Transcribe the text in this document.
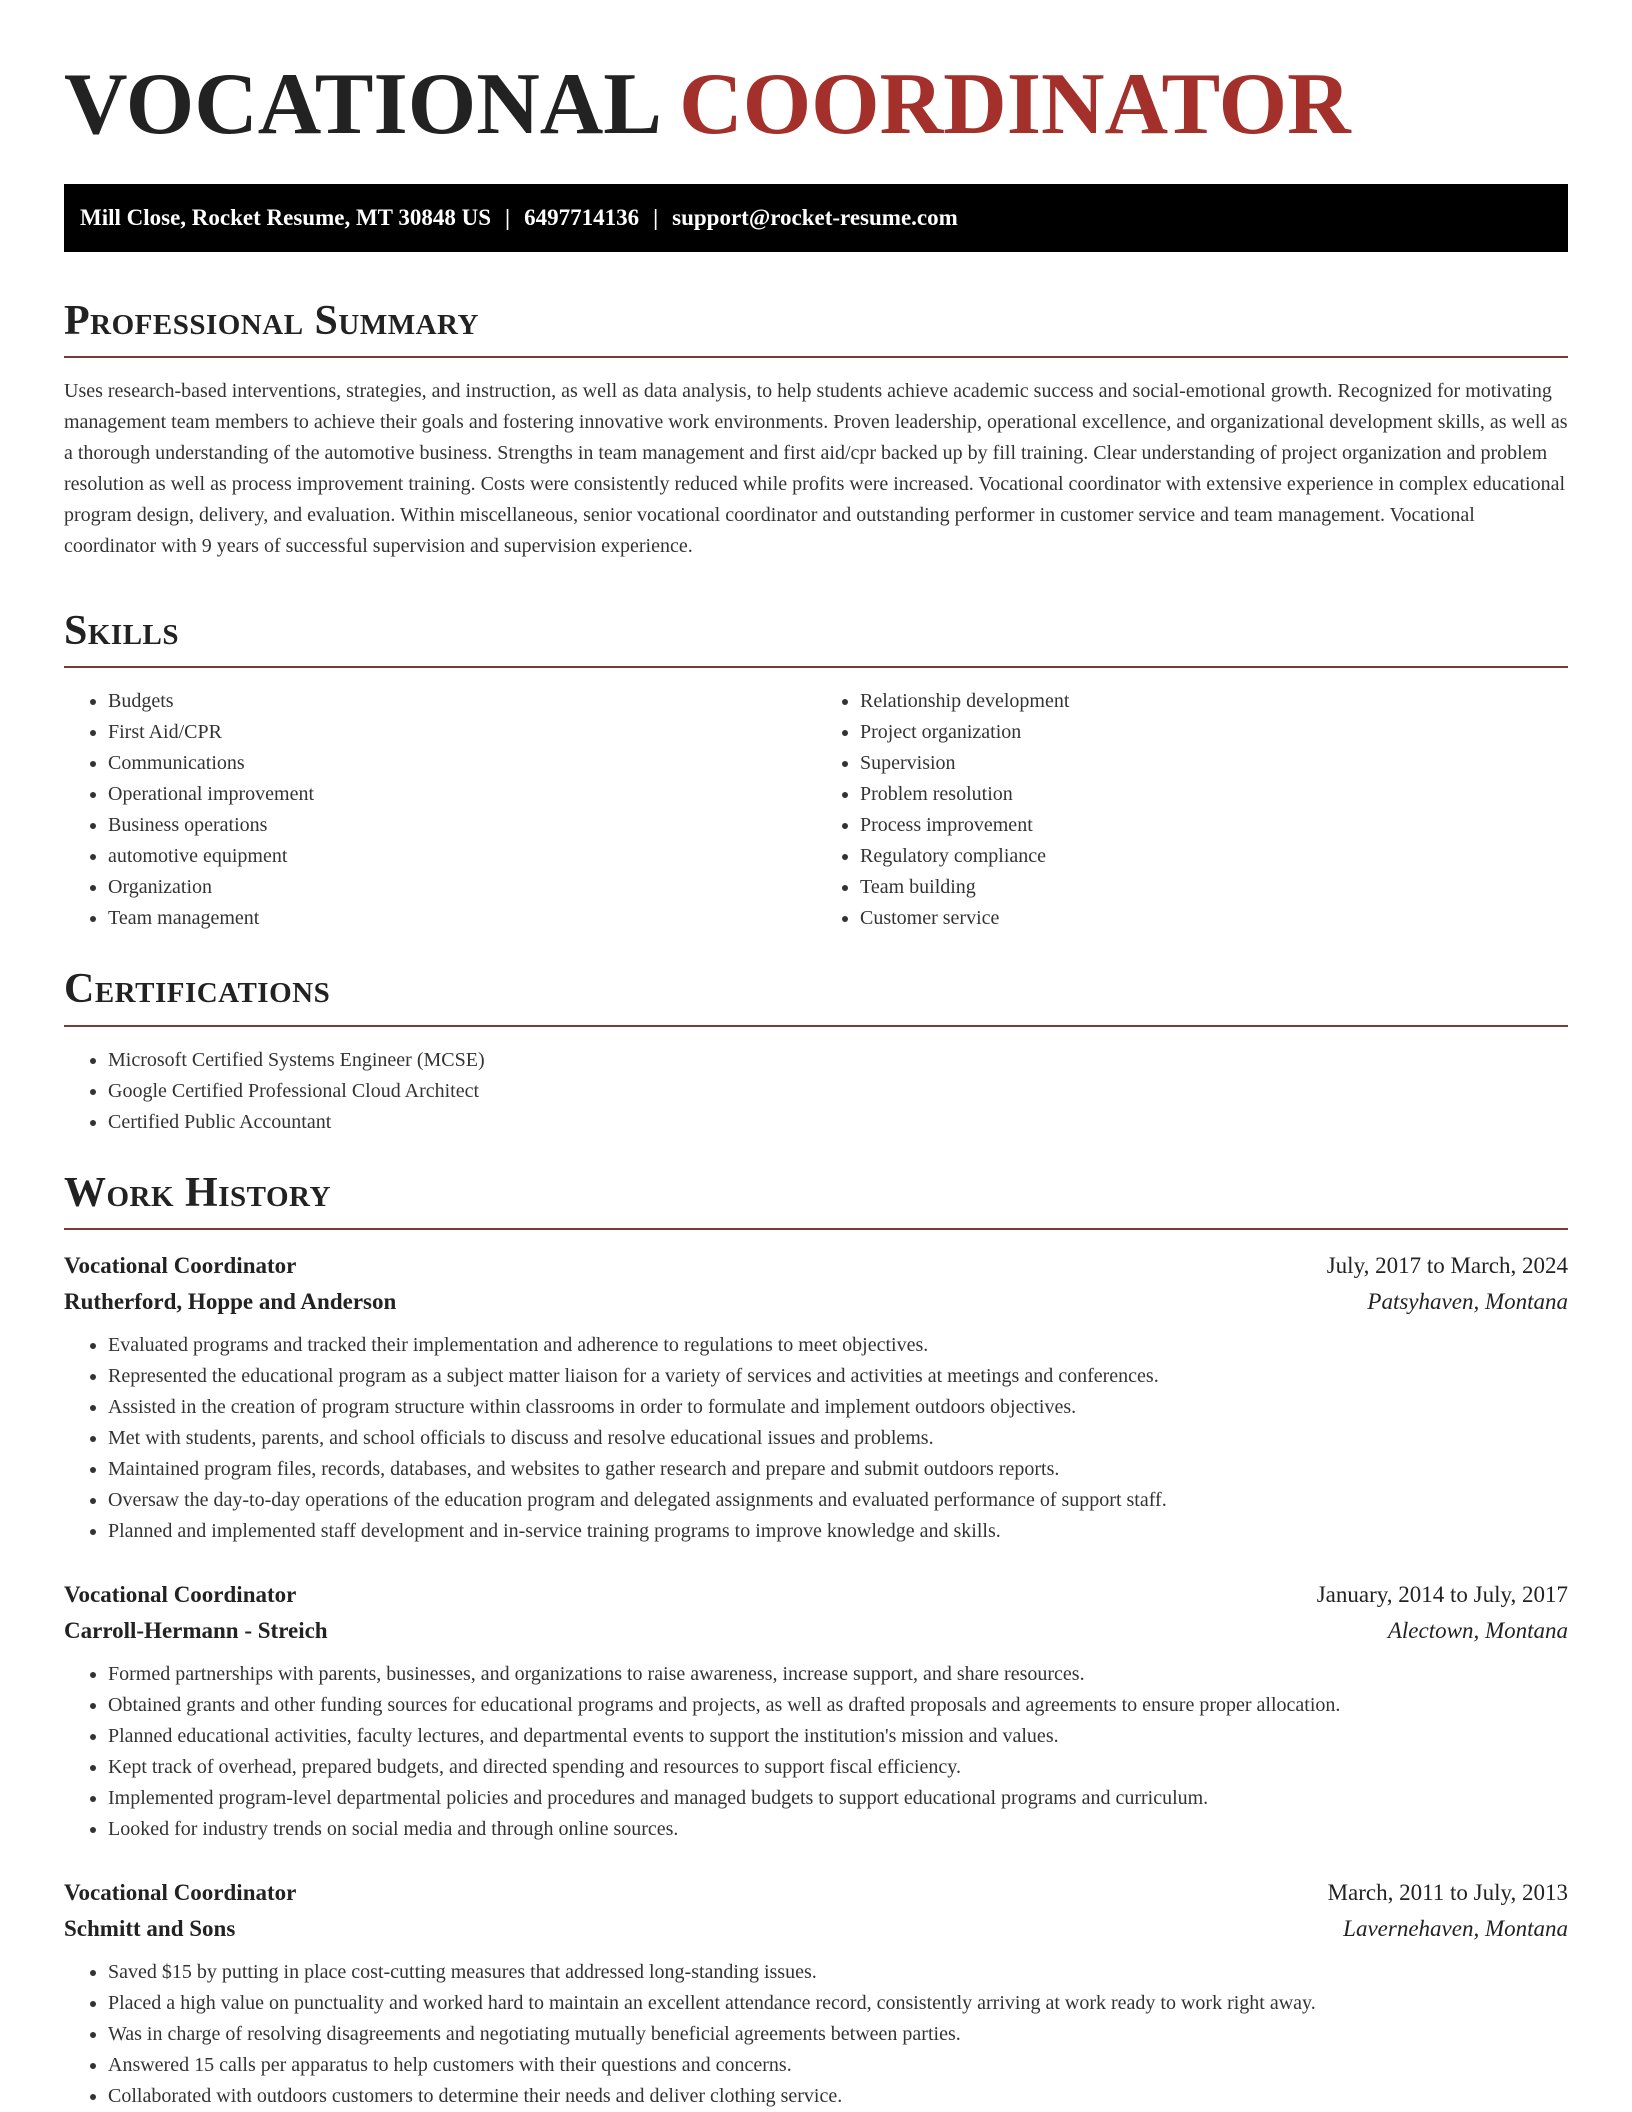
VOCATIONAL COORDINATOR
Mill Close, Rocket Resume, MT 30848 US | 6497714136 | support@rocket-resume.com
Professional Summary

Uses research-based interventions, strategies, and instruction, as well as data analysis, to help students achieve academic success and social-emotional growth. Recognized for motivating management team members to achieve their goals and fostering innovative work environments. Proven leadership, operational excellence, and organizational development skills, as well as a thorough understanding of the automotive business. Strengths in team management and first aid/cpr backed up by fill training. Clear understanding of project organization and problem resolution as well as process improvement training. Costs were consistently reduced while profits were increased. Vocational coordinator with extensive experience in complex educational program design, delivery, and evaluation. Within miscellaneous, senior vocational coordinator and outstanding performer in customer service and team management. Vocational coordinator with 9 years of successful supervision and supervision experience.

Skills
• Budgets
• First Aid/CPR
• Communications
• Operational improvement
• Business operations
• automotive equipment
• Organization
• Team management
• Relationship development
• Project organization
• Supervision
• Problem resolution
• Process improvement
• Regulatory compliance
• Team building
• Customer service
Certifications
• Microsoft Certified Systems Engineer (MCSE)
• Google Certified Professional Cloud Architect
• Certified Public Accountant
Work History
Vocational Coordinator	July, 2017 to March, 2024
Rutherford, Hoppe and Anderson	Patsyhaven, Montana
• Evaluated programs and tracked their implementation and adherence to regulations to meet objectives.
• Represented the educational program as a subject matter liaison for a variety of services and activities at meetings and conferences.
• Assisted in the creation of program structure within classrooms in order to formulate and implement outdoors objectives.
• Met with students, parents, and school officials to discuss and resolve educational issues and problems.
• Maintained program files, records, databases, and websites to gather research and prepare and submit outdoors reports.
• Oversaw the day-to-day operations of the education program and delegated assignments and evaluated performance of support staff.
• Planned and implemented staff development and in-service training programs to improve knowledge and skills.
Vocational Coordinator	January, 2014 to July, 2017
Carroll-Hermann - Streich	Alectown, Montana
• Formed partnerships with parents, businesses, and organizations to raise awareness, increase support, and share resources.
• Obtained grants and other funding sources for educational programs and projects, as well as drafted proposals and agreements to ensure proper allocation.
• Planned educational activities, faculty lectures, and departmental events to support the institution's mission and values.
• Kept track of overhead, prepared budgets, and directed spending and resources to support fiscal efficiency.
• Implemented program-level departmental policies and procedures and managed budgets to support educational programs and curriculum.
• Looked for industry trends on social media and through online sources.
Vocational Coordinator	March, 2011 to July, 2013
Schmitt and Sons	Lavernehaven, Montana
• Saved $15 by putting in place cost-cutting measures that addressed long-standing issues.
• Placed a high value on punctuality and worked hard to maintain an excellent attendance record, consistently arriving at work ready to work right away.
• Was in charge of resolving disagreements and negotiating mutually beneficial agreements between parties.
• Answered 15 calls per apparatus to help customers with their questions and concerns.
• Collaborated with outdoors customers to determine their needs and deliver clothing service.
